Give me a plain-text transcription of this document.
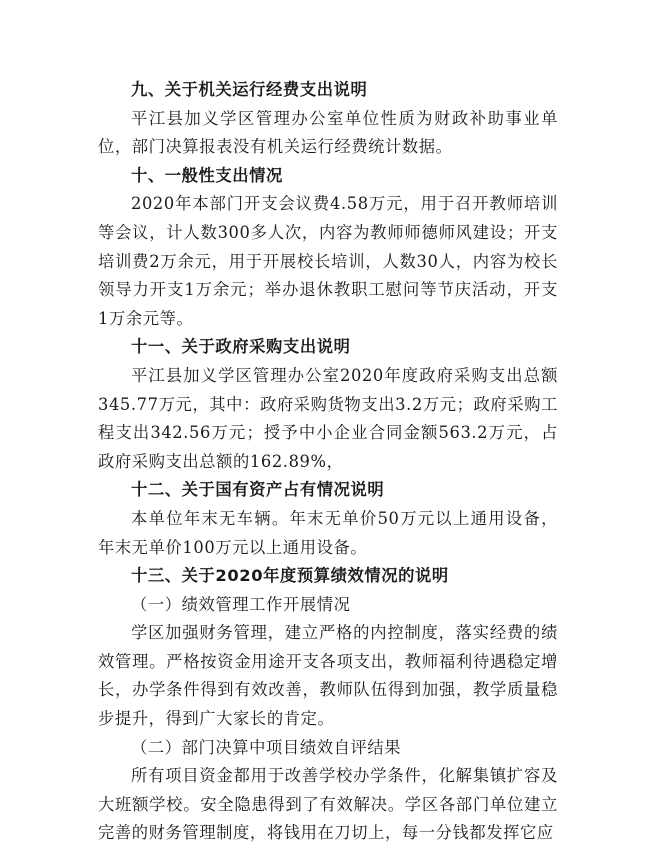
九、关于机关运行经费支出说明

平江县加义学区管理办公室单位性质为财政补助事业单位，部门决算报表没有机关运行经费统计数据。

十、一般性支出情况

2020年本部门开支会议费4.58万元，用于召开教师培训等会议，计人数300多人次，内容为教师师德师风建设；开支培训费2万余元，用于开展校长培训，人数30人，内容为校长领导力开支1万余元；举办退休教职工慰问等节庆活动，开支1万余元等。

十一、关于政府采购支出说明

平江县加义学区管理办公室2020年度政府采购支出总额345.77万元，其中：政府采购货物支出3.2万元；政府采购工程支出342.56万元；授予中小企业合同金额563.2万元，占政府采购支出总额的162.89%，

十二、关于国有资产占有情况说明

本单位年末无车辆。年末无单价50万元以上通用设备，年末无单价100万元以上通用设备。

十三、关于2020年度预算绩效情况的说明

（一）绩效管理工作开展情况

学区加强财务管理，建立严格的内控制度，落实经费的绩效管理。严格按资金用途开支各项支出，教师福利待遇稳定增长，办学条件得到有效改善，教师队伍得到加强，教学质量稳步提升，得到广大家长的肯定。

（二）部门决算中项目绩效自评结果

所有项目资金都用于改善学校办学条件，化解集镇扩容及大班额学校。安全隐患得到了有效解决。学区各部门单位建立完善的财务管理制度，将钱用在刀切上，每一分钱都发挥它应
